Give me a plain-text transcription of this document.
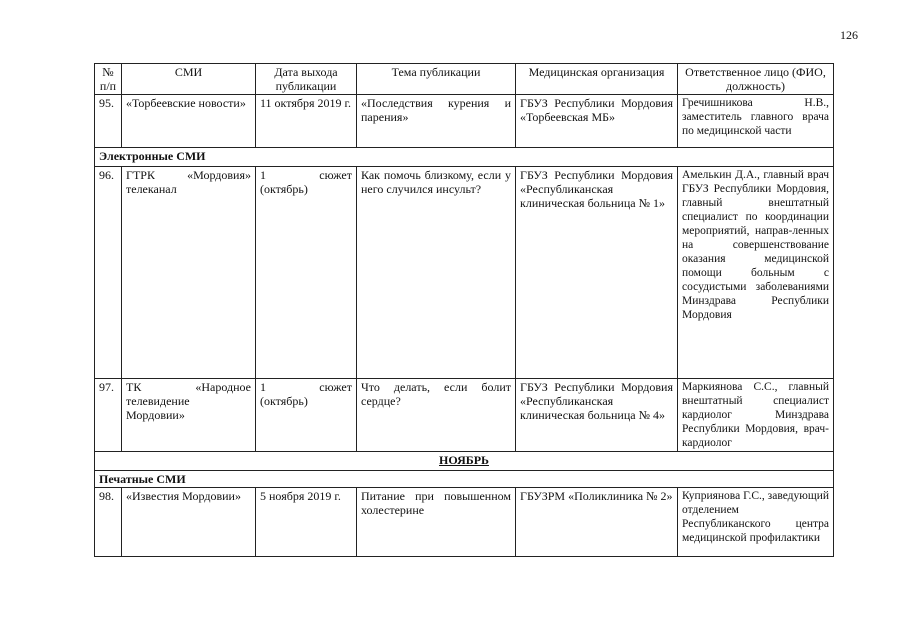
126
№ п/п	СМИ	Дата выхода публикации	Тема публикации	Медицинская организация	Ответственное лицо (ФИО, должность)
95.	«Торбеевские новости»	11 октября 2019 г.	«Последствия курения и парения»	ГБУЗ Республики Мордовия «Торбеевская МБ»	Гречишникова Н.В., заместитель главного врача по медицинской части
Электронные СМИ					
96.	ГТРК «Мордовия» телеканал	1 сюжет (октябрь)	Как помочь близкому, если у него случился инсульт?	ГБУЗ Республики Мордовия «Республиканская клиническая больница № 1»	Амелькин Д.А., главный врач ГБУЗ Республики Мордовия, главный внештатный специалист по координации мероприятий, направ-ленных на совершенствование оказания медицинской помощи больным с сосудистыми заболеваниями Минздрава Республики Мордовия
97.	ТК «Народное телевидение Мордовии»	1 сюжет (октябрь)	Что делать, если болит сердце?	ГБУЗ Республики Мордовия «Республиканская клиническая больница № 4»	Маркиянова С.С., главный внештатный специалист кардиолог Минздрава Республики Мордовия, врач-кардиолог
НОЯБРЬ					
Печатные СМИ					
98.	«Известия Мордовии»	5 ноября 2019 г.	Питание при повышенном холестерине	ГБУЗРМ «Поликлиника № 2»	Куприянова Г.С., заведующий отделением Республиканского центра медицинской профилактики
